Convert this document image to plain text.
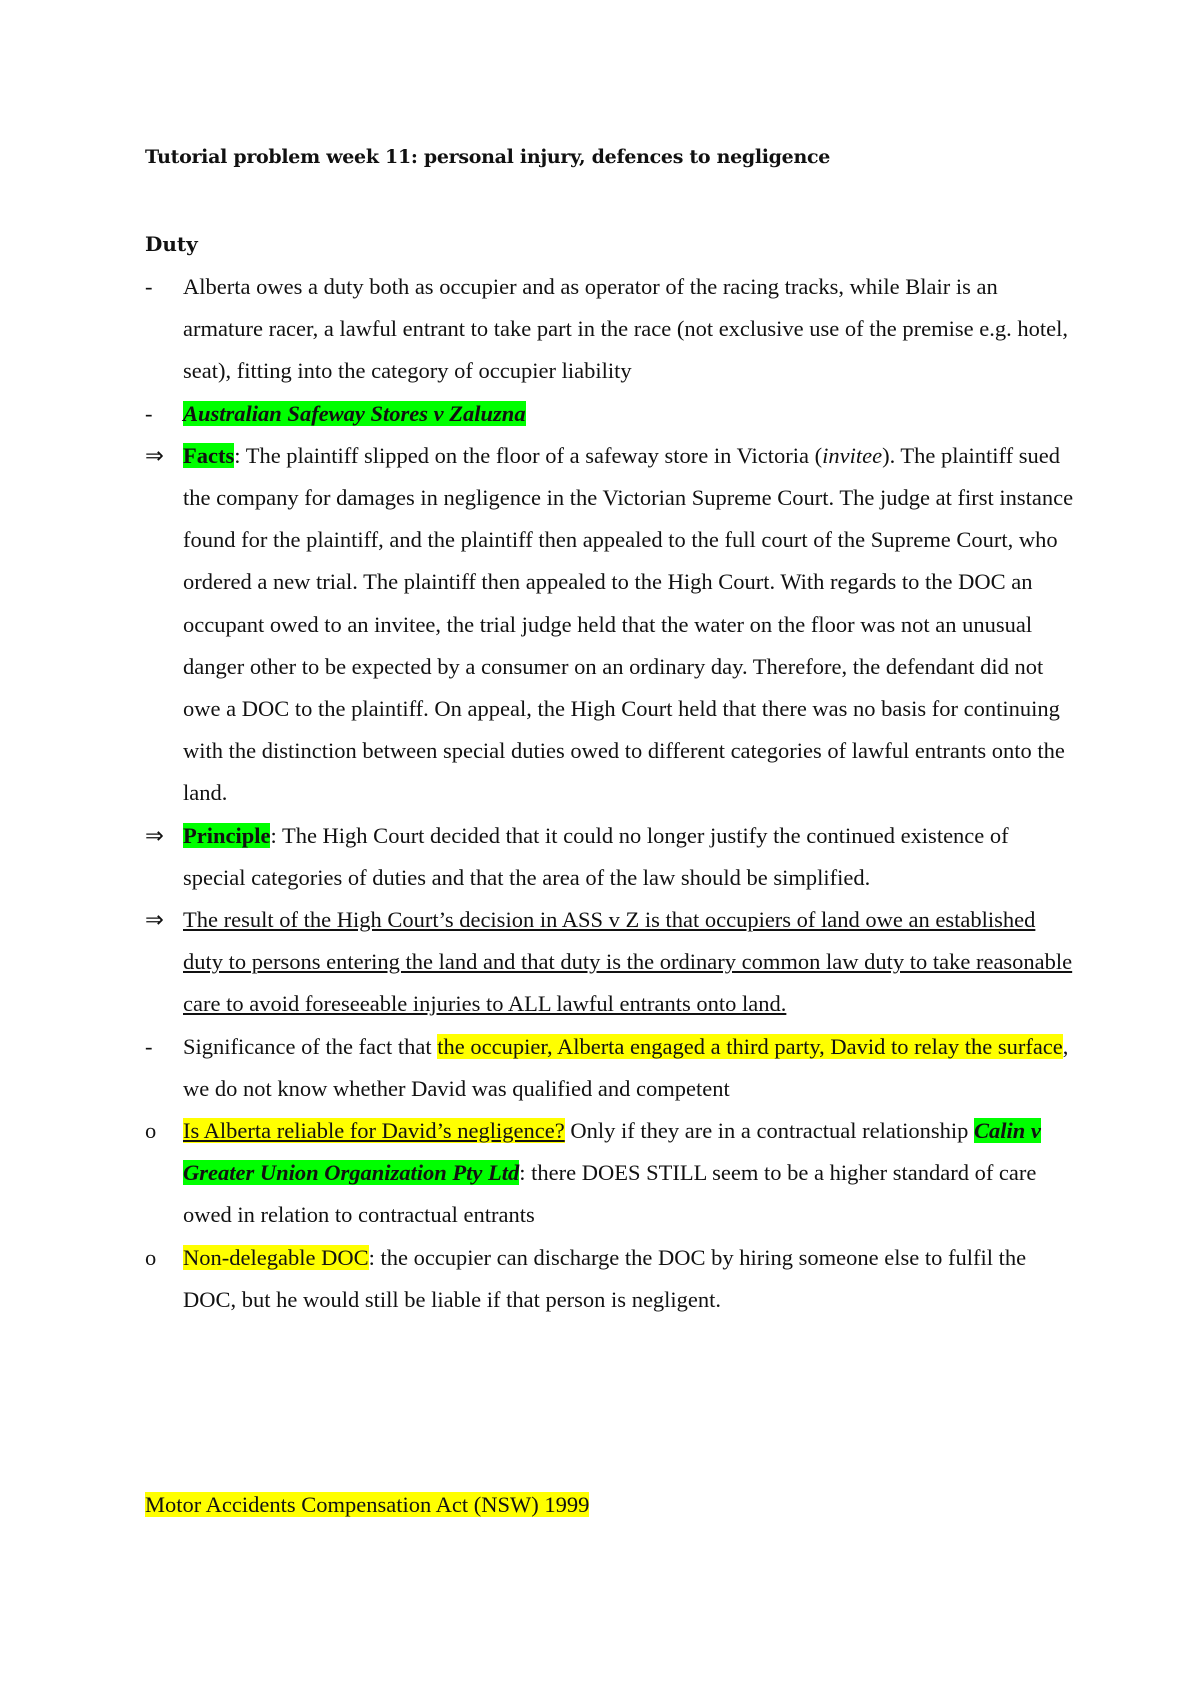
Tutorial problem week 11: personal injury, defences to negligence
Duty
-	Alberta owes a duty both as occupier and as operator of the racing tracks, while Blair is an armature racer, a lawful entrant to take part in the race (not exclusive use of the premise e.g. hotel, seat), fitting into the category of occupier liability
-	Australian Safeway Stores v Zaluzna
⇒ Facts: The plaintiff slipped on the floor of a safeway store in Victoria (invitee). The plaintiff sued the company for damages in negligence in the Victorian Supreme Court. The judge at first instance found for the plaintiff, and the plaintiff then appealed to the full court of the Supreme Court, who ordered a new trial. The plaintiff then appealed to the High Court. With regards to the DOC an occupant owed to an invitee, the trial judge held that the water on the floor was not an unusual danger other to be expected by a consumer on an ordinary day. Therefore, the defendant did not owe a DOC to the plaintiff. On appeal, the High Court held that there was no basis for continuing with the distinction between special duties owed to different categories of lawful entrants onto the land.
⇒ Principle: The High Court decided that it could no longer justify the continued existence of special categories of duties and that the area of the law should be simplified.
⇒ The result of the High Court’s decision in ASS v Z is that occupiers of land owe an established duty to persons entering the land and that duty is the ordinary common law duty to take reasonable care to avoid foreseeable injuries to ALL lawful entrants onto land.
-	Significance of the fact that the occupier, Alberta engaged a third party, David to relay the surface, we do not know whether David was qualified and competent
o	Is Alberta reliable for David’s negligence? Only if they are in a contractual relationship Calin v Greater Union Organization Pty Ltd: there DOES STILL seem to be a higher standard of care owed in relation to contractual entrants
o	Non-delegable DOC: the occupier can discharge the DOC by hiring someone else to fulfil the DOC, but he would still be liable if that person is negligent.
Motor Accidents Compensation Act (NSW) 1999
